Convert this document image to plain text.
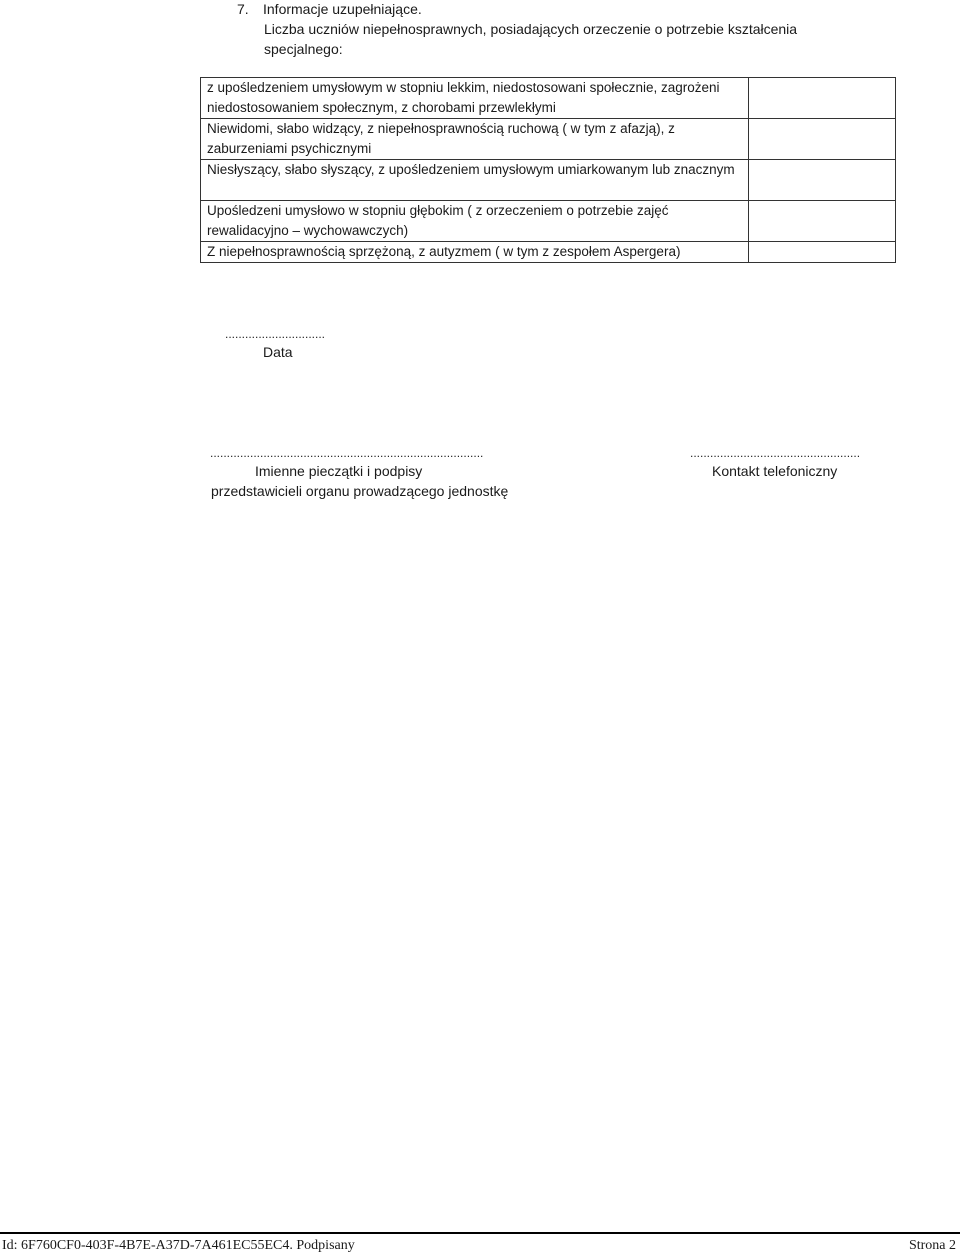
7. Informacje uzupełniające.
Liczba uczniów niepełnosprawnych, posiadających orzeczenie o potrzebie kształcenia specjalnego:
z upośledzeniem umysłowym w stopniu lekkim, niedostosowani społecznie, zagrożeni niedostosowaniem społecznym, z chorobami przewlekłymi	
Niewidomi, słabo widzący, z niepełnosprawnością ruchową ( w tym z afazją), z zaburzeniami psychicznymi	
Niesłyszący, słabo słyszący, z upośledzeniem umysłowym umiarkowanym lub znacznym	
Upośledzeni umysłowo w stopniu głębokim ( z orzeczeniem o potrzebie zajęć rewalidacyjno – wychowawczych)	
Z niepełnosprawnością sprzężoną, z autyzmem ( w tym z zespołem Aspergera)	
..............................
Data
..................................................................................
Imienne pieczątki i podpisy
przedstawicieli organu prowadzącego jednostkę
...................................................
Kontakt telefoniczny
Id: 6F760CF0-403F-4B7E-A37D-7A461EC55EC4. Podpisany	Strona 2
